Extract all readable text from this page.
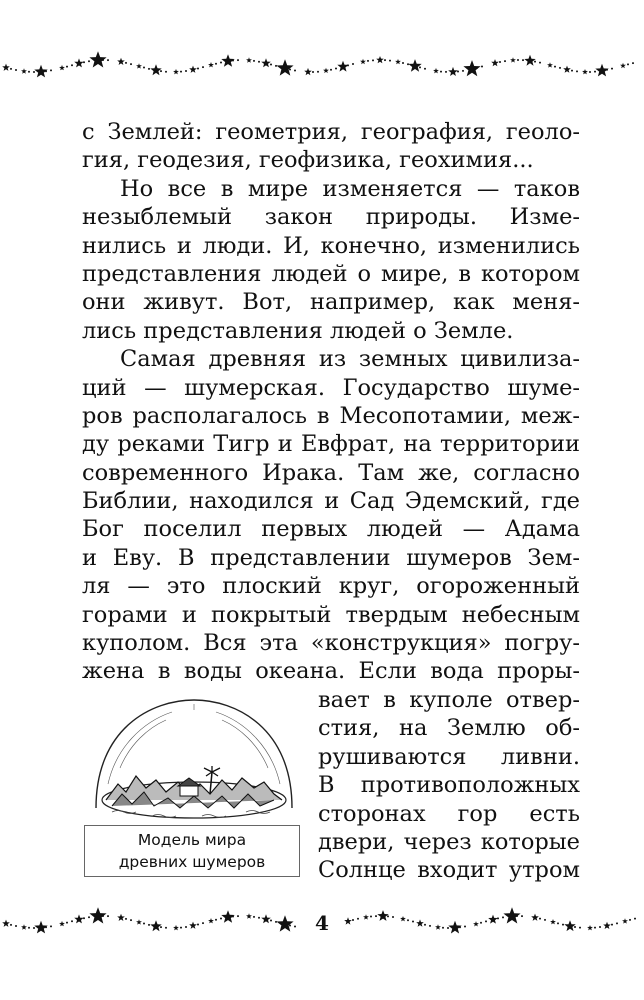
с Землей: геометрия, география, геоло-
гия, геодезия, геофизика, геохимия...
Но все в мире изменяется — таков
незыблемый закон природы. Изме-
нились и люди. И, конечно, изменились
представления людей о мире, в котором
они живут. Вот, например, как меня-
лись представления людей о Земле.
Самая древняя из земных цивилиза-
ций — шумерская. Государство шуме-
ров располагалось в Месопотамии, меж-
ду реками Тигр и Евфрат, на территории
современного Ирака. Там же, согласно
Библии, находился и Сад Эдемский, где
Бог поселил первых людей — Адама
и Еву. В представлении шумеров Зем-
ля — это плоский круг, огороженный
горами и покрытый твердым небесным
куполом. Вся эта «конструкция» погру-
жена в воды океана. Если вода проры-
вает в куполе отвер-
стия, на Землю об-
рушиваются ливни.
В противоположных
сторонах гор есть
двери, через которые
Солнце входит утром
Модель мира
древних шумеров
4
